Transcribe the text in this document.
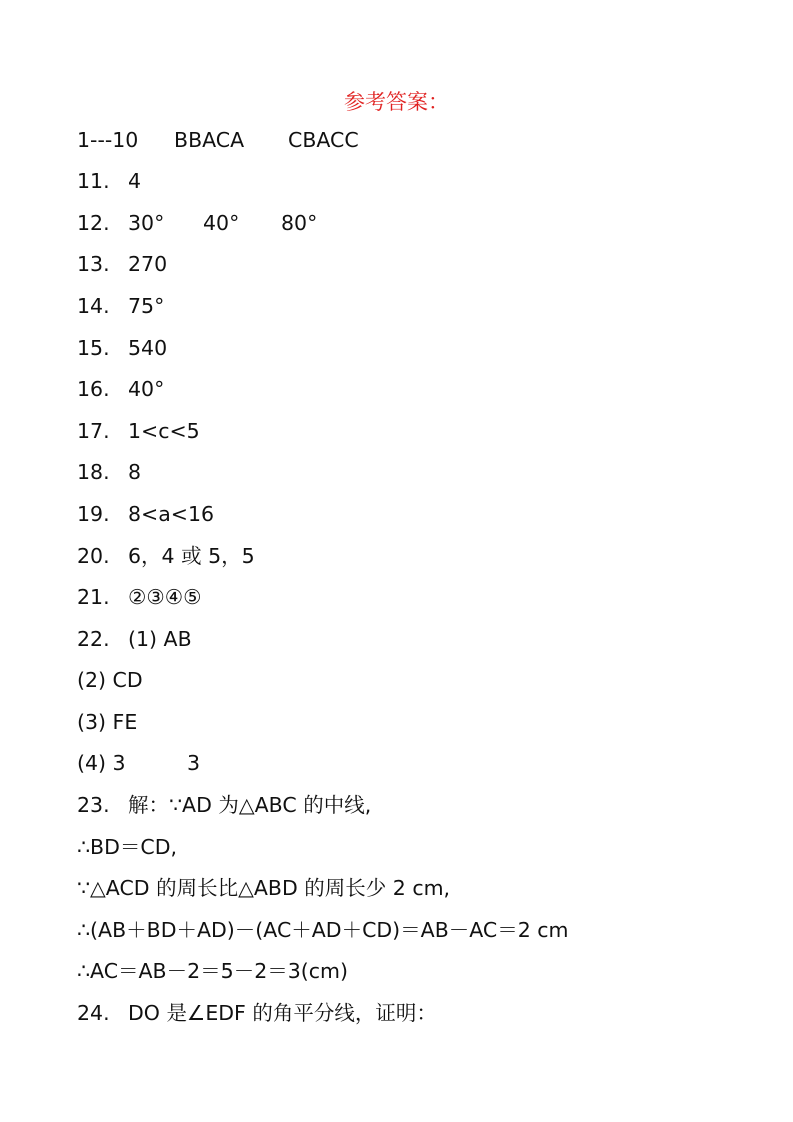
参考答案：

1---10

BBACA

CBACC

11.

4

12.

30°

40°

80°

13.

270

14.

75°

15.

540

16.

40°

17.

1<c<5

18.

8

19.

8<a<16

20.

6，4 或 5，5

21.

②③④⑤

22.

(1) AB

(2) CD
(3) FE

(4) 3

	3

23.

解：∵AD 为△ABC 的中线,

∴BD＝CD,
∵△ACD 的周长比△ABD 的周长少 2 cm,
∴(AB＋BD＋AD)－(AC＋AD＋CD)＝AB－AC＝2 cm
∴AC＝AB－2＝5－2＝3(cm)

24.

DO 是∠EDF 的角平分线，证明：
